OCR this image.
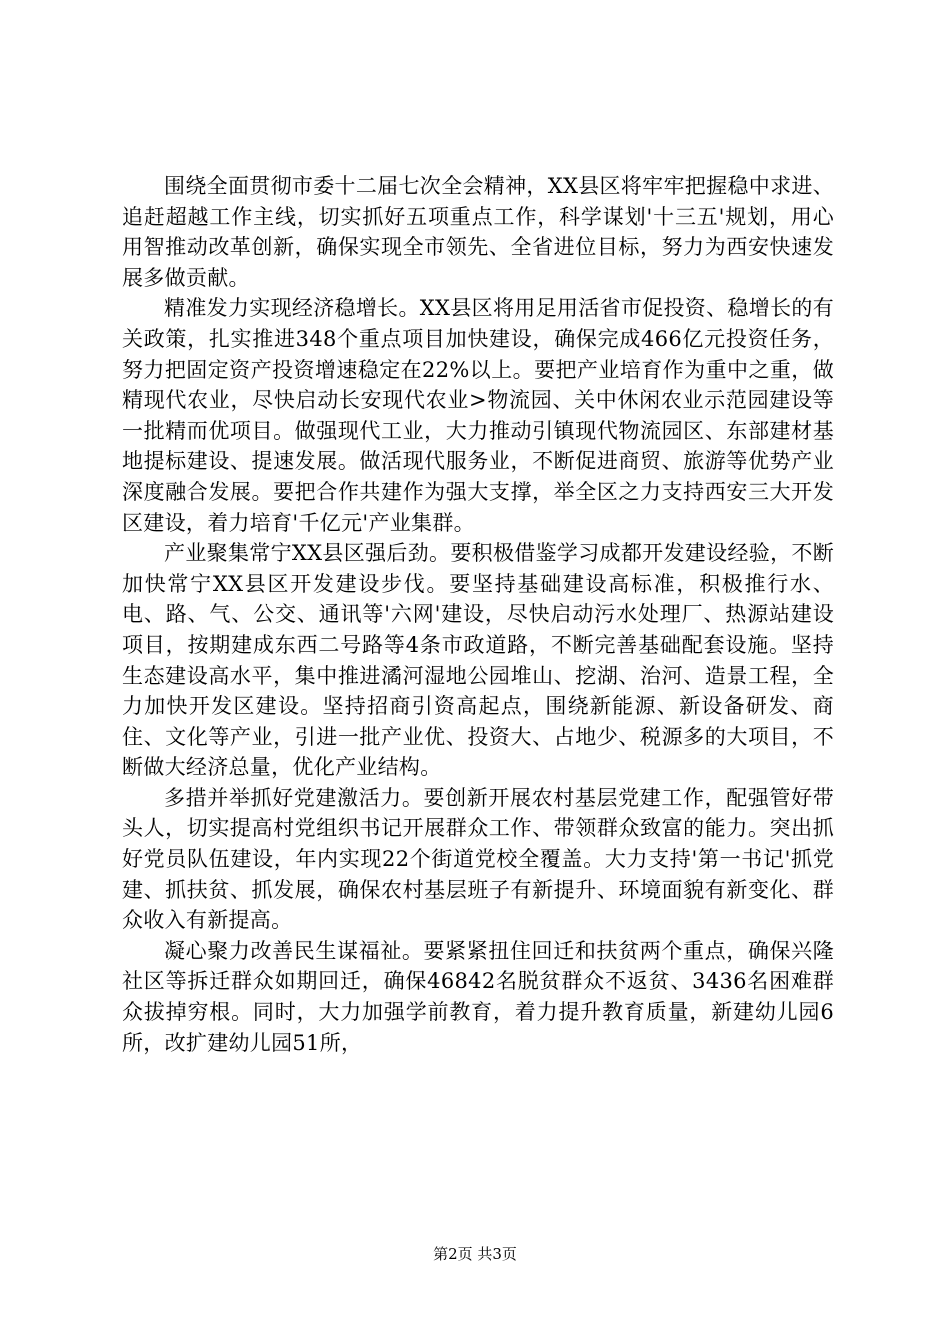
围绕全面贯彻市委十二届七次全会精神，XX县区将牢牢把握稳中求进、追赶超越工作主线，切实抓好五项重点工作，科学谋划'十三五'规划，用心用智推动改革创新，确保实现全市领先、全省进位目标，努力为西安快速发展多做贡献。

精准发力实现经济稳增长。XX县区将用足用活省市促投资、稳增长的有关政策，扎实推进348个重点项目加快建设，确保完成466亿元投资任务，努力把固定资产投资增速稳定在22%以上。要把产业培育作为重中之重，做精现代农业，尽快启动长安现代农业>物流园、关中休闲农业示范园建设等一批精而优项目。做强现代工业，大力推动引镇现代物流园区、东部建材基地提标建设、提速发展。做活现代服务业，不断促进商贸、旅游等优势产业深度融合发展。要把合作共建作为强大支撑，举全区之力支持西安三大开发区建设，着力培育'千亿元'产业集群。

产业聚集常宁XX县区强后劲。要积极借鉴学习成都开发建设经验，不断加快常宁XX县区开发建设步伐。要坚持基础建设高标准，积极推行水、电、路、气、公交、通讯等'六网'建设，尽快启动污水处理厂、热源站建设项目，按期建成东西二号路等4条市政道路，不断完善基础配套设施。坚持生态建设高水平，集中推进潏河湿地公园堆山、挖湖、治河、造景工程，全力加快开发区建设。坚持招商引资高起点，围绕新能源、新设备研发、商住、文化等产业，引进一批产业优、投资大、占地少、税源多的大项目，不断做大经济总量，优化产业结构。

多措并举抓好党建激活力。要创新开展农村基层党建工作，配强管好带头人，切实提高村党组织书记开展群众工作、带领群众致富的能力。突出抓好党员队伍建设，年内实现22个街道党校全覆盖。大力支持'第一书记'抓党建、抓扶贫、抓发展，确保农村基层班子有新提升、环境面貌有新变化、群众收入有新提高。

凝心聚力改善民生谋福祉。要紧紧扭住回迁和扶贫两个重点，确保兴隆社区等拆迁群众如期回迁，确保46842名脱贫群众不返贫、3436名困难群众拔掉穷根。同时，大力加强学前教育，着力提升教育质量，新建幼儿园6所，改扩建幼儿园51所，

第2页 共3页
